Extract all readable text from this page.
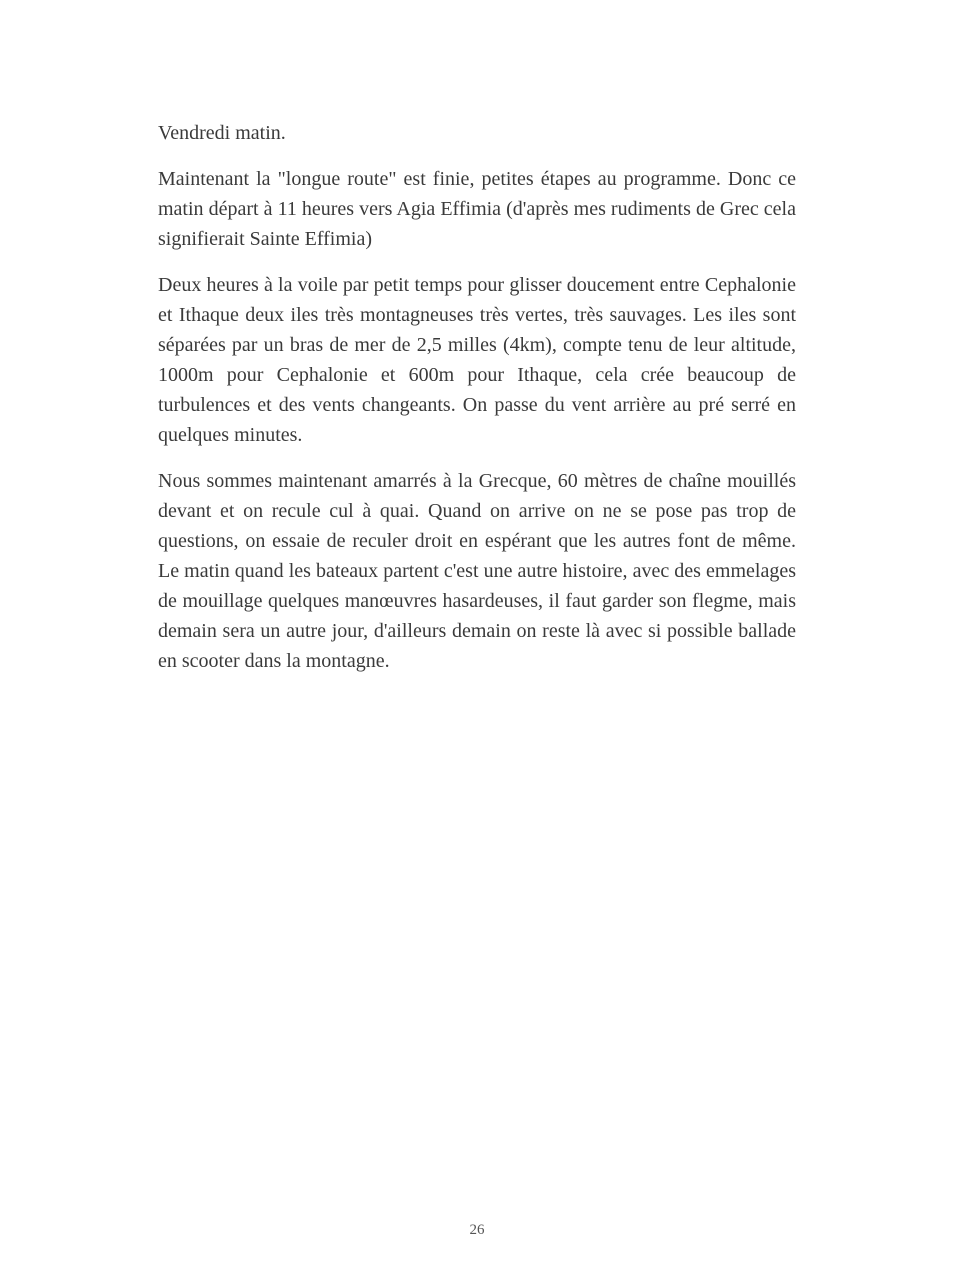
Vendredi matin.

Maintenant la "longue route" est finie, petites étapes au programme. Donc ce matin départ à 11 heures vers Agia Effimia (d'après mes rudiments de Grec cela signifierait Sainte Effimia)

Deux heures à la voile par petit temps pour glisser doucement entre Cephalonie et Ithaque deux iles très montagneuses très vertes, très sauvages. Les iles sont séparées par un bras de mer de 2,5 milles (4km), compte tenu de leur altitude, 1000m pour Cephalonie et 600m pour Ithaque, cela crée beaucoup de turbulences et des vents changeants. On passe du vent arrière au pré serré en quelques minutes.

Nous sommes maintenant amarrés à la Grecque, 60 mètres de chaîne mouillés devant et on recule cul à quai. Quand on arrive on ne se pose pas trop de questions, on essaie de reculer droit en espérant que les autres font de même. Le matin quand les bateaux partent c'est une autre histoire, avec des emmelages de mouillage quelques manœuvres hasardeuses, il faut garder son flegme, mais demain sera un autre jour, d'ailleurs demain on reste là avec si possible ballade en scooter dans la montagne.

26
